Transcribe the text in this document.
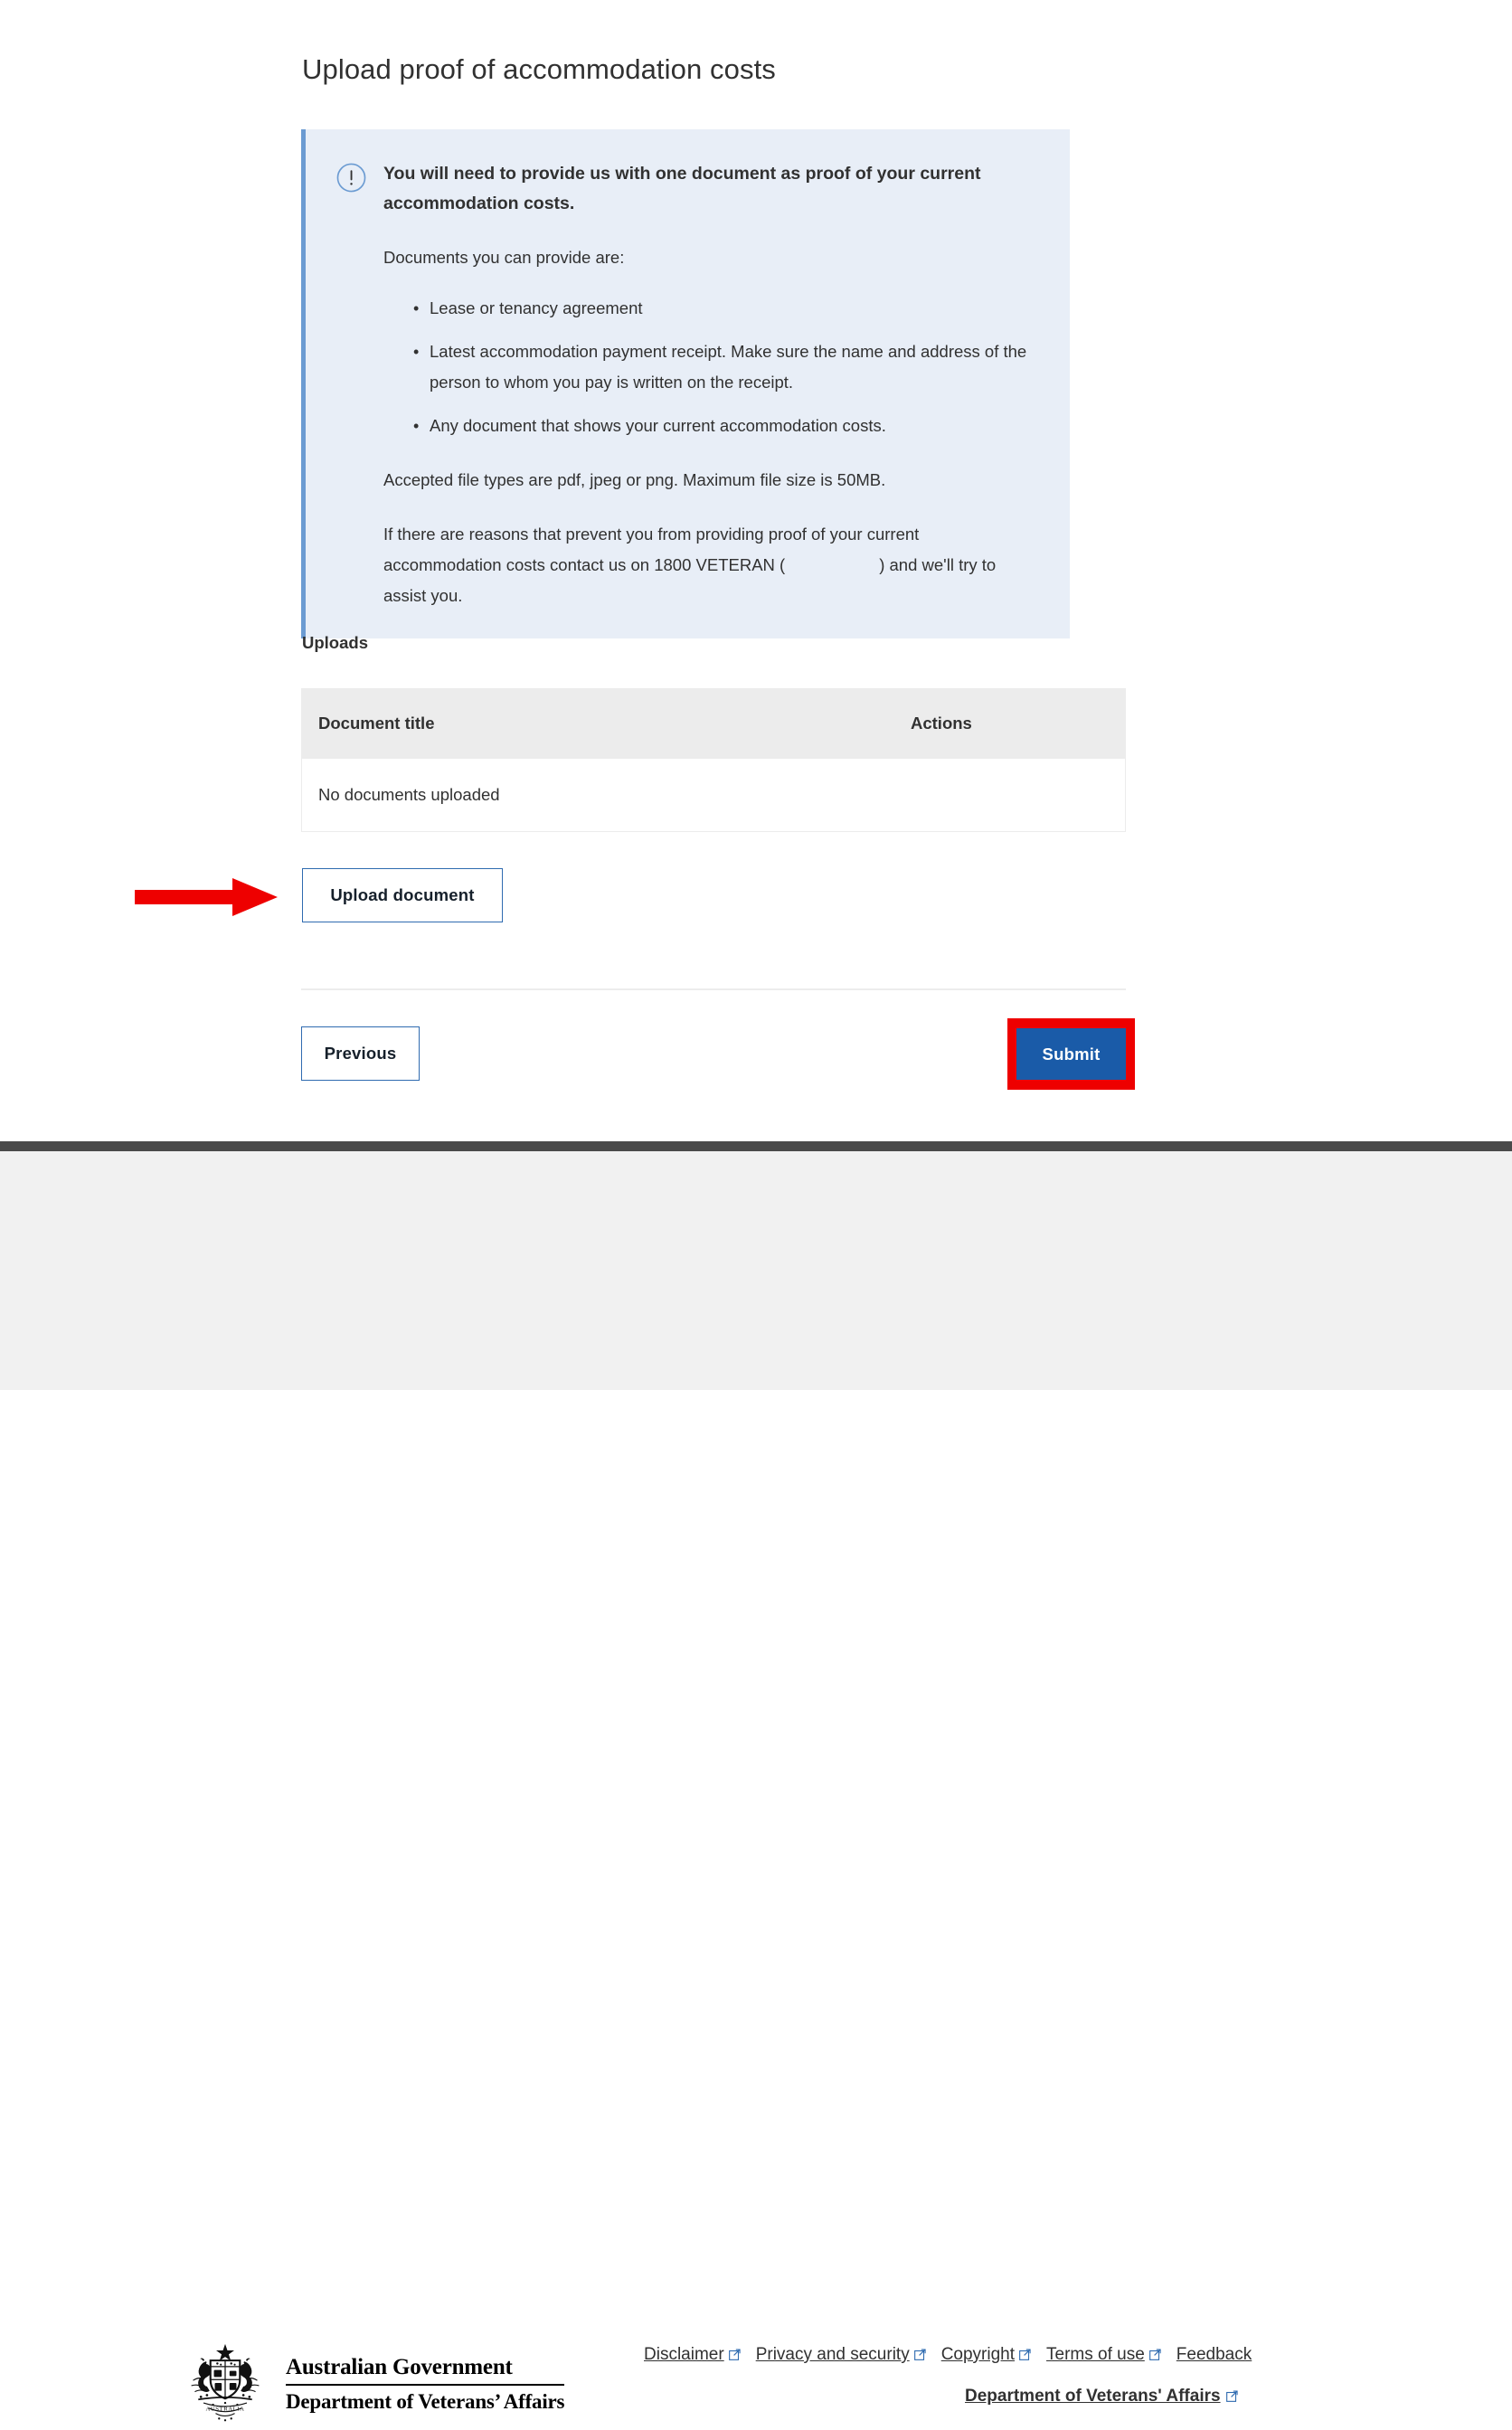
Upload proof of accommodation costs
You will need to provide us with one document as proof of your current accommodation costs.

Documents you can provide are:

• Lease or tenancy agreement
• Latest accommodation payment receipt. Make sure the name and address of the person to whom you pay is written on the receipt.
• Any document that shows your current accommodation costs.

Accepted file types are pdf, jpeg or png. Maximum file size is 50MB.

If there are reasons that prevent you from providing proof of your current accommodation costs contact us on 1800 VETERAN (	) and we'll try to assist you.

Uploads
Document title	Actions
No documents uploaded
Upload document
Previous	Submit
AUSTRALIA
Australian Government
Department of Veterans’ Affairs
Disclaimer Privacy and security Copyright Terms of use Feedback
Department of Veterans' Affairs
